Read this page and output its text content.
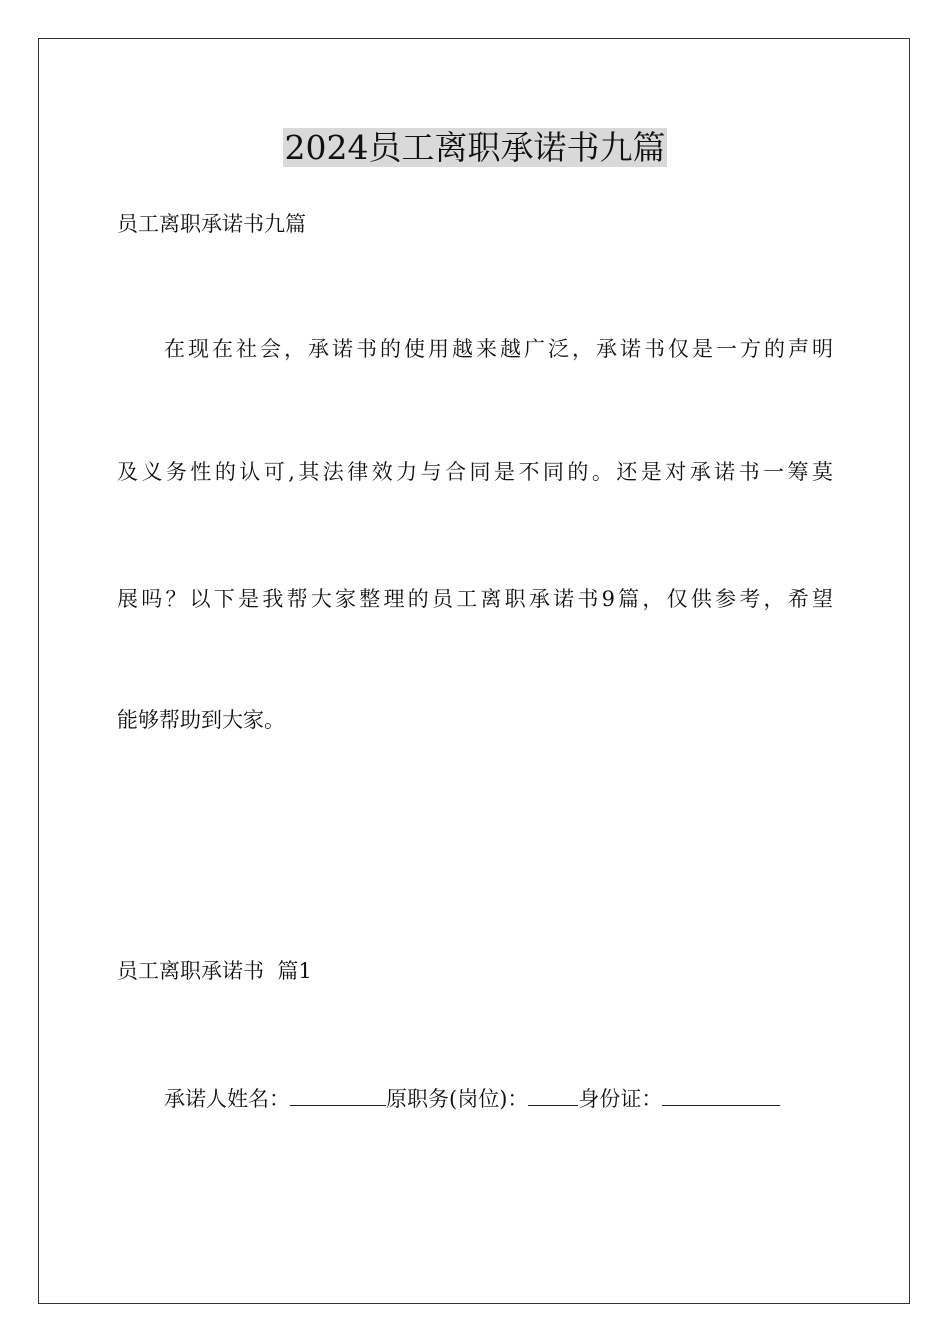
2024员工离职承诺书九篇

员工离职承诺书九篇

在现在社会，承诺书的使用越来越广泛，承诺书仅是一方的声明

及义务性的认可,其法律效力与合同是不同的。还是对承诺书一筹莫

展吗？以下是我帮大家整理的员工离职承诺书9篇，仅供参考，希望

能够帮助到大家。

员工离职承诺书  篇1

承诺人姓名：	原职务(岗位)： 身份证：
